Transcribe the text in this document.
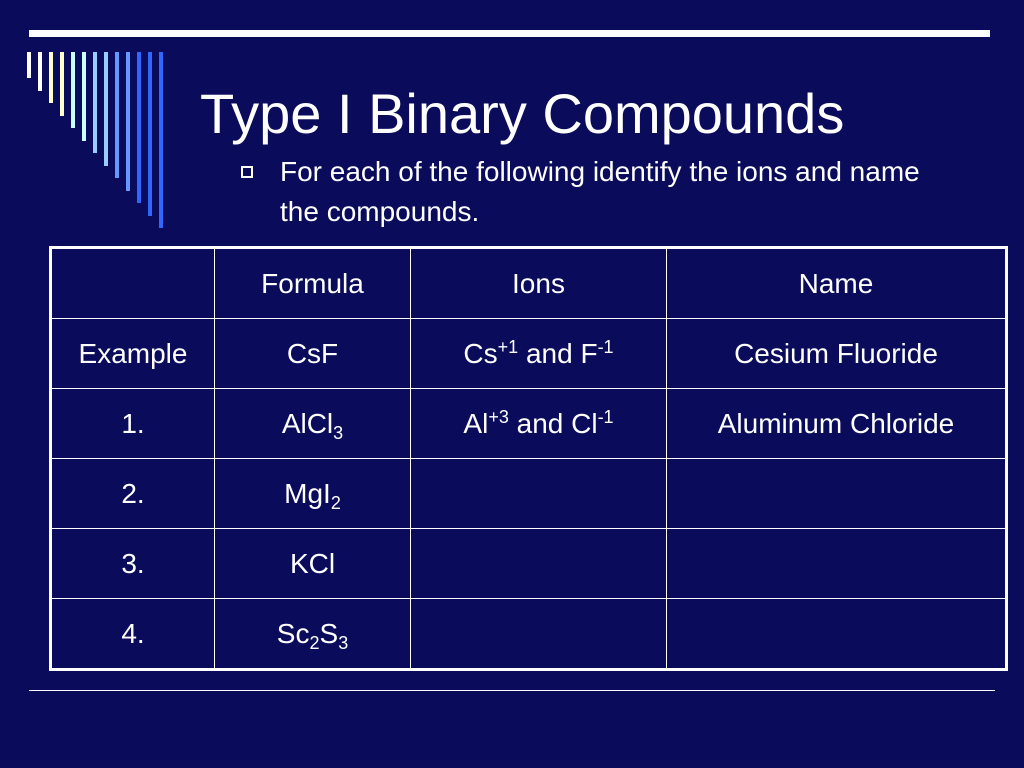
Type I Binary Compounds
For each of the following identify the ions and name the compounds.
	Formula	Ions	Name
Example	CsF	$Cs^{+1}$ and $F^{-1}$	Cesium Fluoride
1.	AlCl$_3$	$Al^{+3}$ and $Cl^{-1}$	Aluminum Chloride
2.	MgI$_2$		
3.	KCl		
4.	$Sc_2S_3$		
